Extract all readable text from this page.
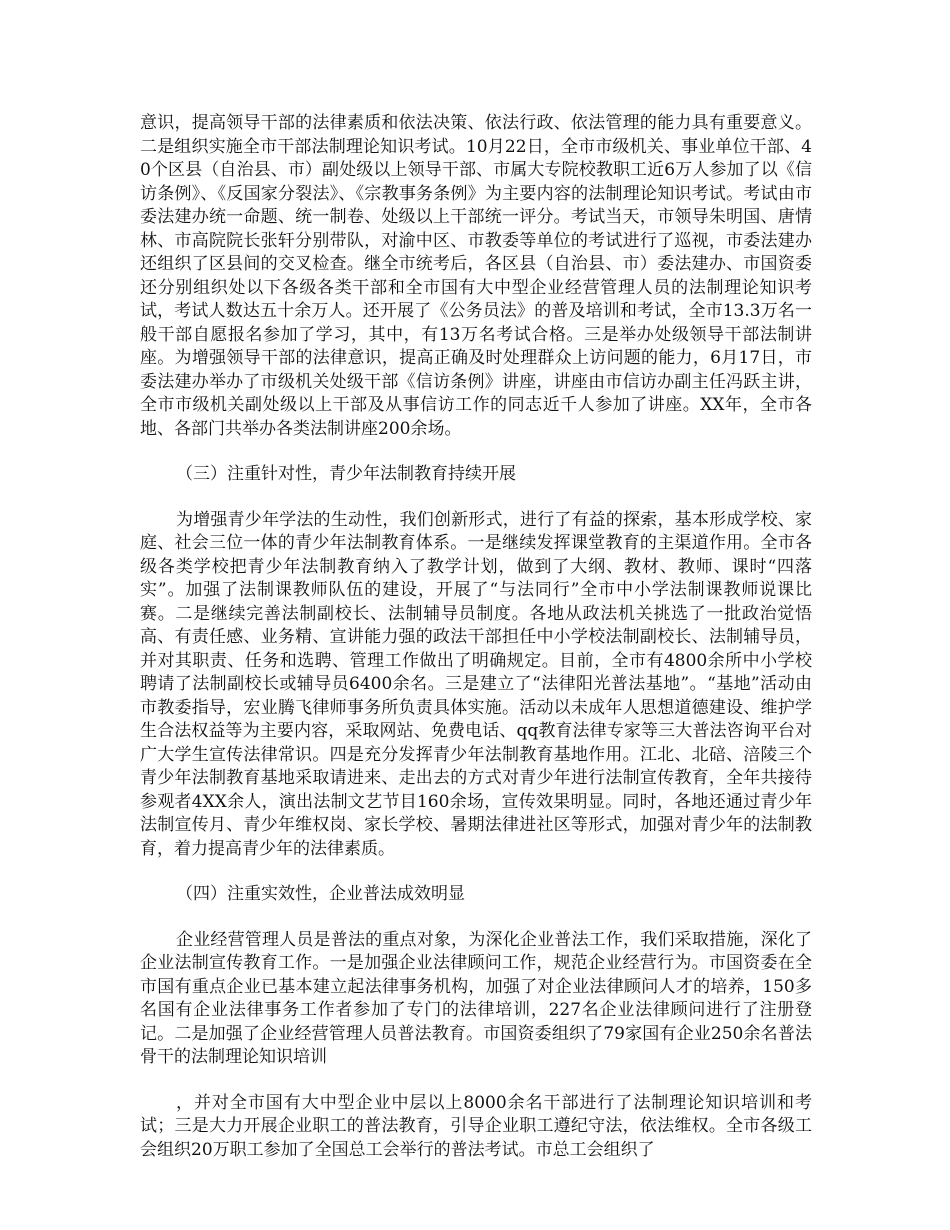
意识，提高领导干部的法律素质和依法决策、依法行政、依法管理的能力具有重要意义。二是组织实施全市干部法制理论知识考试。10月22日，全市市级机关、事业单位干部、40个区县（自治县、市）副处级以上领导干部、市属大专院校教职工近6万人参加了以《信访条例》、《反国家分裂法》、《宗教事务条例》为主要内容的法制理论知识考试。考试由市委法建办统一命题、统一制卷、处级以上干部统一评分。考试当天，市领导朱明国、唐情林、市高院院长张轩分别带队，对渝中区、市教委等单位的考试进行了巡视，市委法建办还组织了区县间的交叉检查。继全市统考后，各区县（自治县、市）委法建办、市国资委还分别组织处以下各级各类干部和全市国有大中型企业经营管理人员的法制理论知识考试，考试人数达五十余万人。还开展了《公务员法》的普及培训和考试，全市13.3万名一般干部自愿报名参加了学习，其中，有13万名考试合格。三是举办处级领导干部法制讲座。为增强领导干部的法律意识，提高正确及时处理群众上访问题的能力，6月17日，市委法建办举办了市级机关处级干部《信访条例》讲座，讲座由市信访办副主任冯跃主讲，全市市级机关副处级以上干部及从事信访工作的同志近千人参加了讲座。XX年，全市各地、各部门共举办各类法制讲座200余场。

（三）注重针对性，青少年法制教育持续开展

为增强青少年学法的生动性，我们创新形式，进行了有益的探索，基本形成学校、家庭、社会三位一体的青少年法制教育体系。一是继续发挥课堂教育的主渠道作用。全市各级各类学校把青少年法制教育纳入了教学计划，做到了大纲、教材、教师、课时“四落实”。加强了法制课教师队伍的建设，开展了“与法同行”全市中小学法制课教师说课比赛。二是继续完善法制副校长、法制辅导员制度。各地从政法机关挑选了一批政治觉悟高、有责任感、业务精、宣讲能力强的政法干部担任中小学校法制副校长、法制辅导员，并对其职责、任务和选聘、管理工作做出了明确规定。目前，全市有4800余所中小学校聘请了法制副校长或辅导员6400余名。三是建立了“法律阳光普法基地”。“基地”活动由市教委指导，宏业腾飞律师事务所负责具体实施。活动以未成年人思想道德建设、维护学生合法权益等为主要内容，采取网站、免费电话、qq教育法律专家等三大普法咨询平台对广大学生宣传法律常识。四是充分发挥青少年法制教育基地作用。江北、北碚、涪陵三个青少年法制教育基地采取请进来、走出去的方式对青少年进行法制宣传教育，全年共接待参观者4XX余人，演出法制文艺节目160余场，宣传效果明显。同时，各地还通过青少年法制宣传月、青少年维权岗、家长学校、暑期法律进社区等形式，加强对青少年的法制教育，着力提高青少年的法律素质。

（四）注重实效性，企业普法成效明显

企业经营管理人员是普法的重点对象，为深化企业普法工作，我们采取措施，深化了企业法制宣传教育工作。一是加强企业法律顾问工作，规范企业经营行为。市国资委在全市国有重点企业已基本建立起法律事务机构，加强了对企业法律顾问人才的培养，150多名国有企业法律事务工作者参加了专门的法律培训，227名企业法律顾问进行了注册登记。二是加强了企业经营管理人员普法教育。市国资委组织了79家国有企业250余名普法骨干的法制理论知识培训

，并对全市国有大中型企业中层以上8000余名干部进行了法制理论知识培训和考试；三是大力开展企业职工的普法教育，引导企业职工遵纪守法，依法维权。全市各级工会组织20万职工参加了全国总工会举行的普法考试。市总工会组织了
